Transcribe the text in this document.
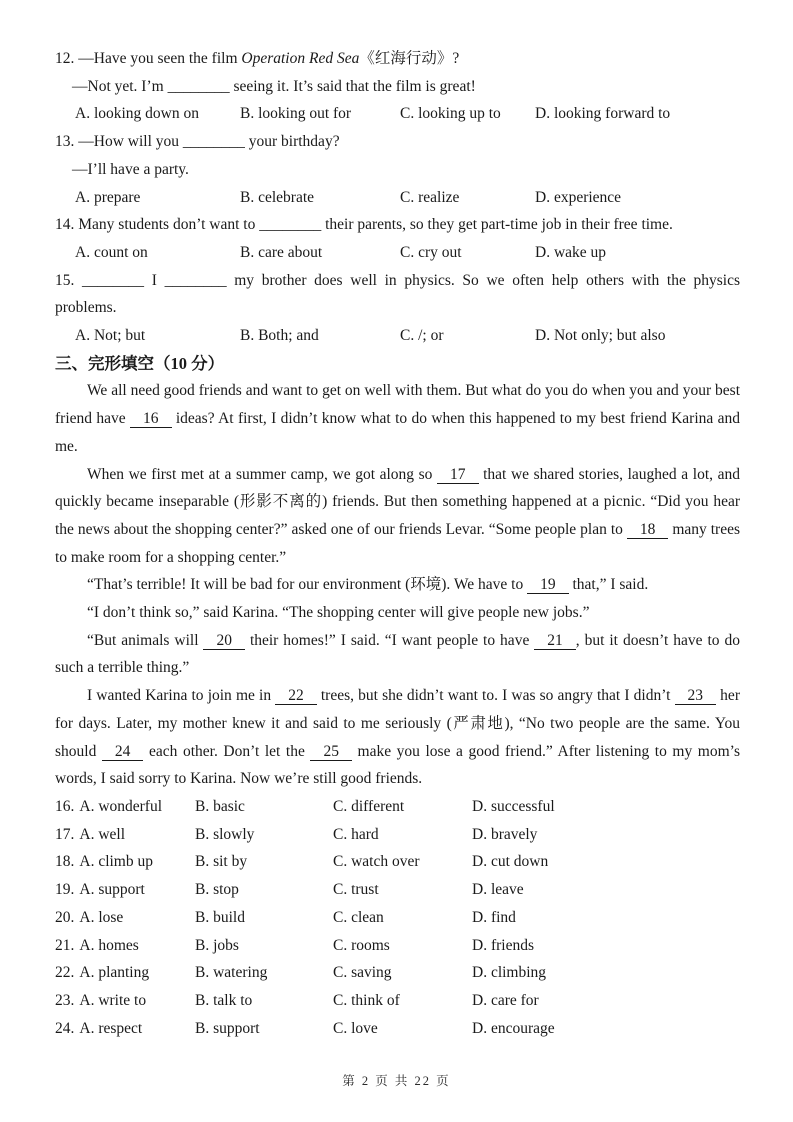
12. —Have you seen the film Operation Red Sea《红海行动》?

—Not yet. I’m ________ seeing it. It’s said that the film is great!

A. looking down on	B. looking out for	C. looking up to	D. looking forward to

13. —How will you ________ your birthday?

—I’ll have a party.

A. prepare	B. celebrate	C. realize	D. experience

14. Many students don’t want to ________ their parents, so they get part-time job in their free time.

A. count on	B. care about	C. cry out	D. wake up

15. ________ I ________ my brother does well in physics. So we often help others with the physics problems.

A. Not; but	B. Both; and	C. /; or	D. Not only; but also
三、完形填空（10 分）

We all need good friends and want to get on well with them. But what do you do when you and your best friend have 16 ideas? At first, I didn’t know what to do when this happened to my best friend Karina and me.

When we first met at a summer camp, we got along so 17 that we shared stories, laughed a lot, and quickly became inseparable (形影不离的) friends. But then something happened at a picnic. “Did you hear the news about the shopping center?” asked one of our friends Levar. “Some people plan to 18 many trees to make room for a shopping center.”

“That’s terrible! It will be bad for our environment (环境). We have to 19 that,” I said.

“I don’t think so,” said Karina. “The shopping center will give people new jobs.”

“But animals will 20 their homes!” I said. “I want people to have 21 , but it doesn’t have to do such a terrible thing.”

I wanted Karina to join me in 22 trees, but she didn’t want to. I was so angry that I didn’t 23 her for days. Later, my mother knew it and said to me seriously (严肃地), “No two people are the same. You should 24 each other. Don’t let the 25 make you lose a good friend.” After listening to my mom’s words, I said sorry to Karina. Now we’re still good friends.

16. A. wonderful	B. basic	C. different	D. successful
17. A. well	B. slowly	C. hard	D. bravely
18. A. climb up	B. sit by	C. watch over	D. cut down
19. A. support	B. stop	C. trust	D. leave
20. A. lose	B. build	C. clean	D. find
21. A. homes	B. jobs	C. rooms	D. friends
22. A. planting	B. watering	C. saving	D. climbing
23. A. write to	B. talk to	C. think of	D. care for
24. A. respect	B. support	C. love	D. encourage
第 2 页 共 22 页
